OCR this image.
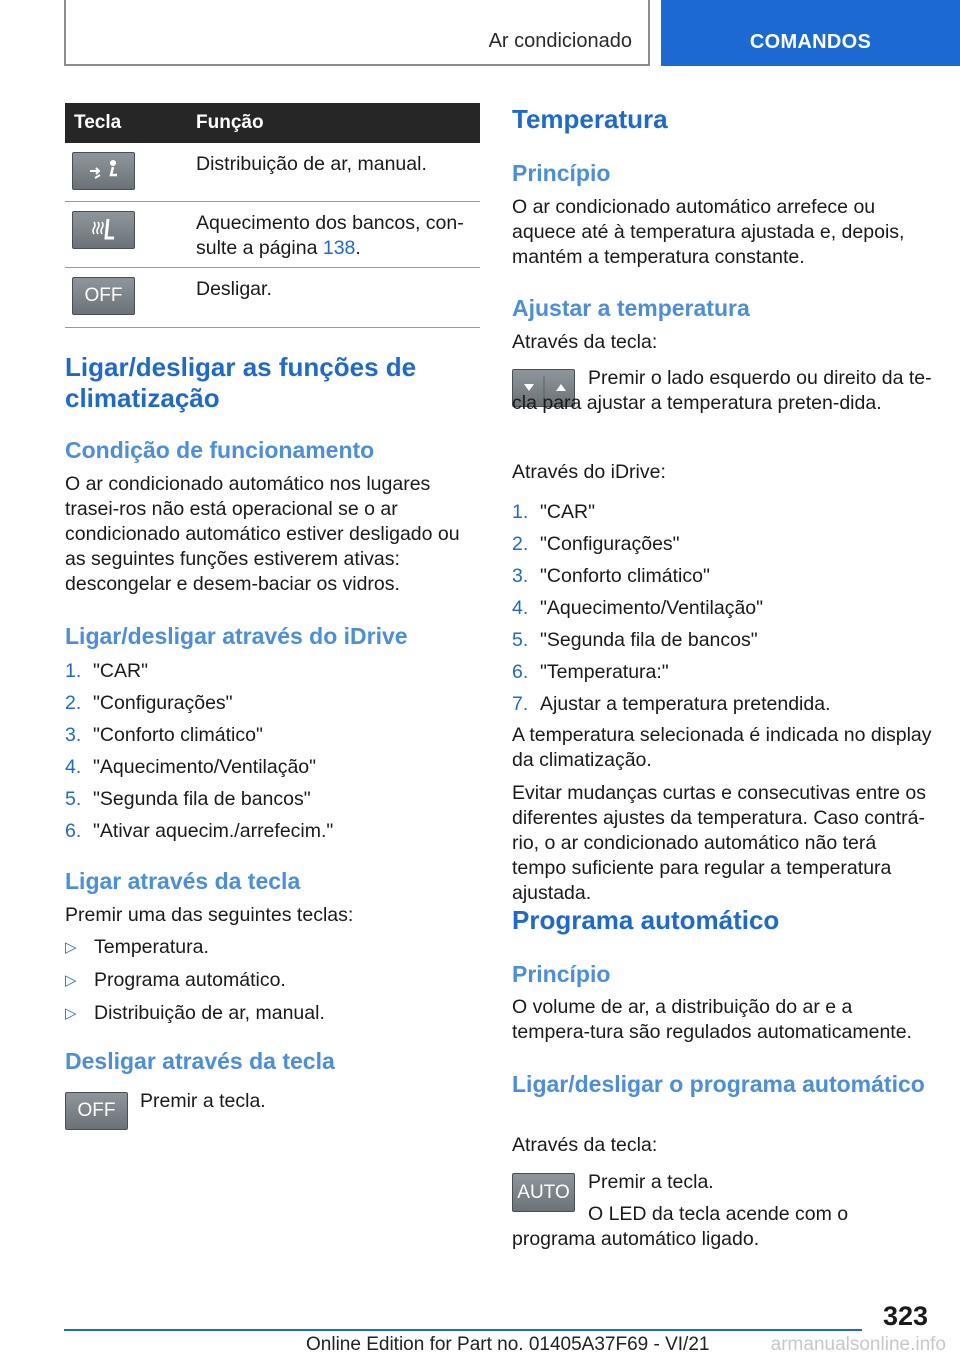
Ar condicionado	COMANDOS
Tecla	Função
Distribuição de ar, manual.
Aquecimento dos bancos, con-sulte a página 138.
OFF	Desligar.
Ligar/desligar as funções de climatização
Condição de funcionamento
O ar condicionado automático nos lugares trasei-ros não está operacional se o ar condicionado automático estiver desligado ou as seguintes funções estiverem ativas: descongelar e desem-baciar os vidros.
Ligar/desligar através do iDrive
1. "CAR"
2. "Configurações"
3. "Conforto climático"
4. "Aquecimento/Ventilação"
5. "Segunda fila de bancos"
6. "Ativar aquecim./arrefecim."
Ligar através da tecla
Premir uma das seguintes teclas:
▷ Temperatura.
▷ Programa automático.
▷ Distribuição de ar, manual.
Desligar através da tecla
OFF	Premir a tecla.
Temperatura
Princípio
O ar condicionado automático arrefece ou aquece até à temperatura ajustada e, depois, mantém a temperatura constante.
Ajustar a temperatura
Através da tecla:
Premir o lado esquerdo ou direito da te-cla para ajustar a temperatura preten-dida.
Através do iDrive:
1. "CAR"
2. "Configurações"
3. "Conforto climático"
4. "Aquecimento/Ventilação"
5. "Segunda fila de bancos"
6. "Temperatura:"
7. Ajustar a temperatura pretendida.
A temperatura selecionada é indicada no display da climatização.
Evitar mudanças curtas e consecutivas entre os diferentes ajustes da temperatura. Caso contrá-rio, o ar condicionado automático não terá tempo suficiente para regular a temperatura ajustada.
Programa automático
Princípio
O volume de ar, a distribuição do ar e a tempera-tura são regulados automaticamente.
Ligar/desligar o programa automático
Através da tecla:
AUTO Premir a tecla.
O LED da tecla acende com o programa automático ligado.
323
Online Edition for Part no. 01405A37F69 - VI/21	armanualsonline.info
